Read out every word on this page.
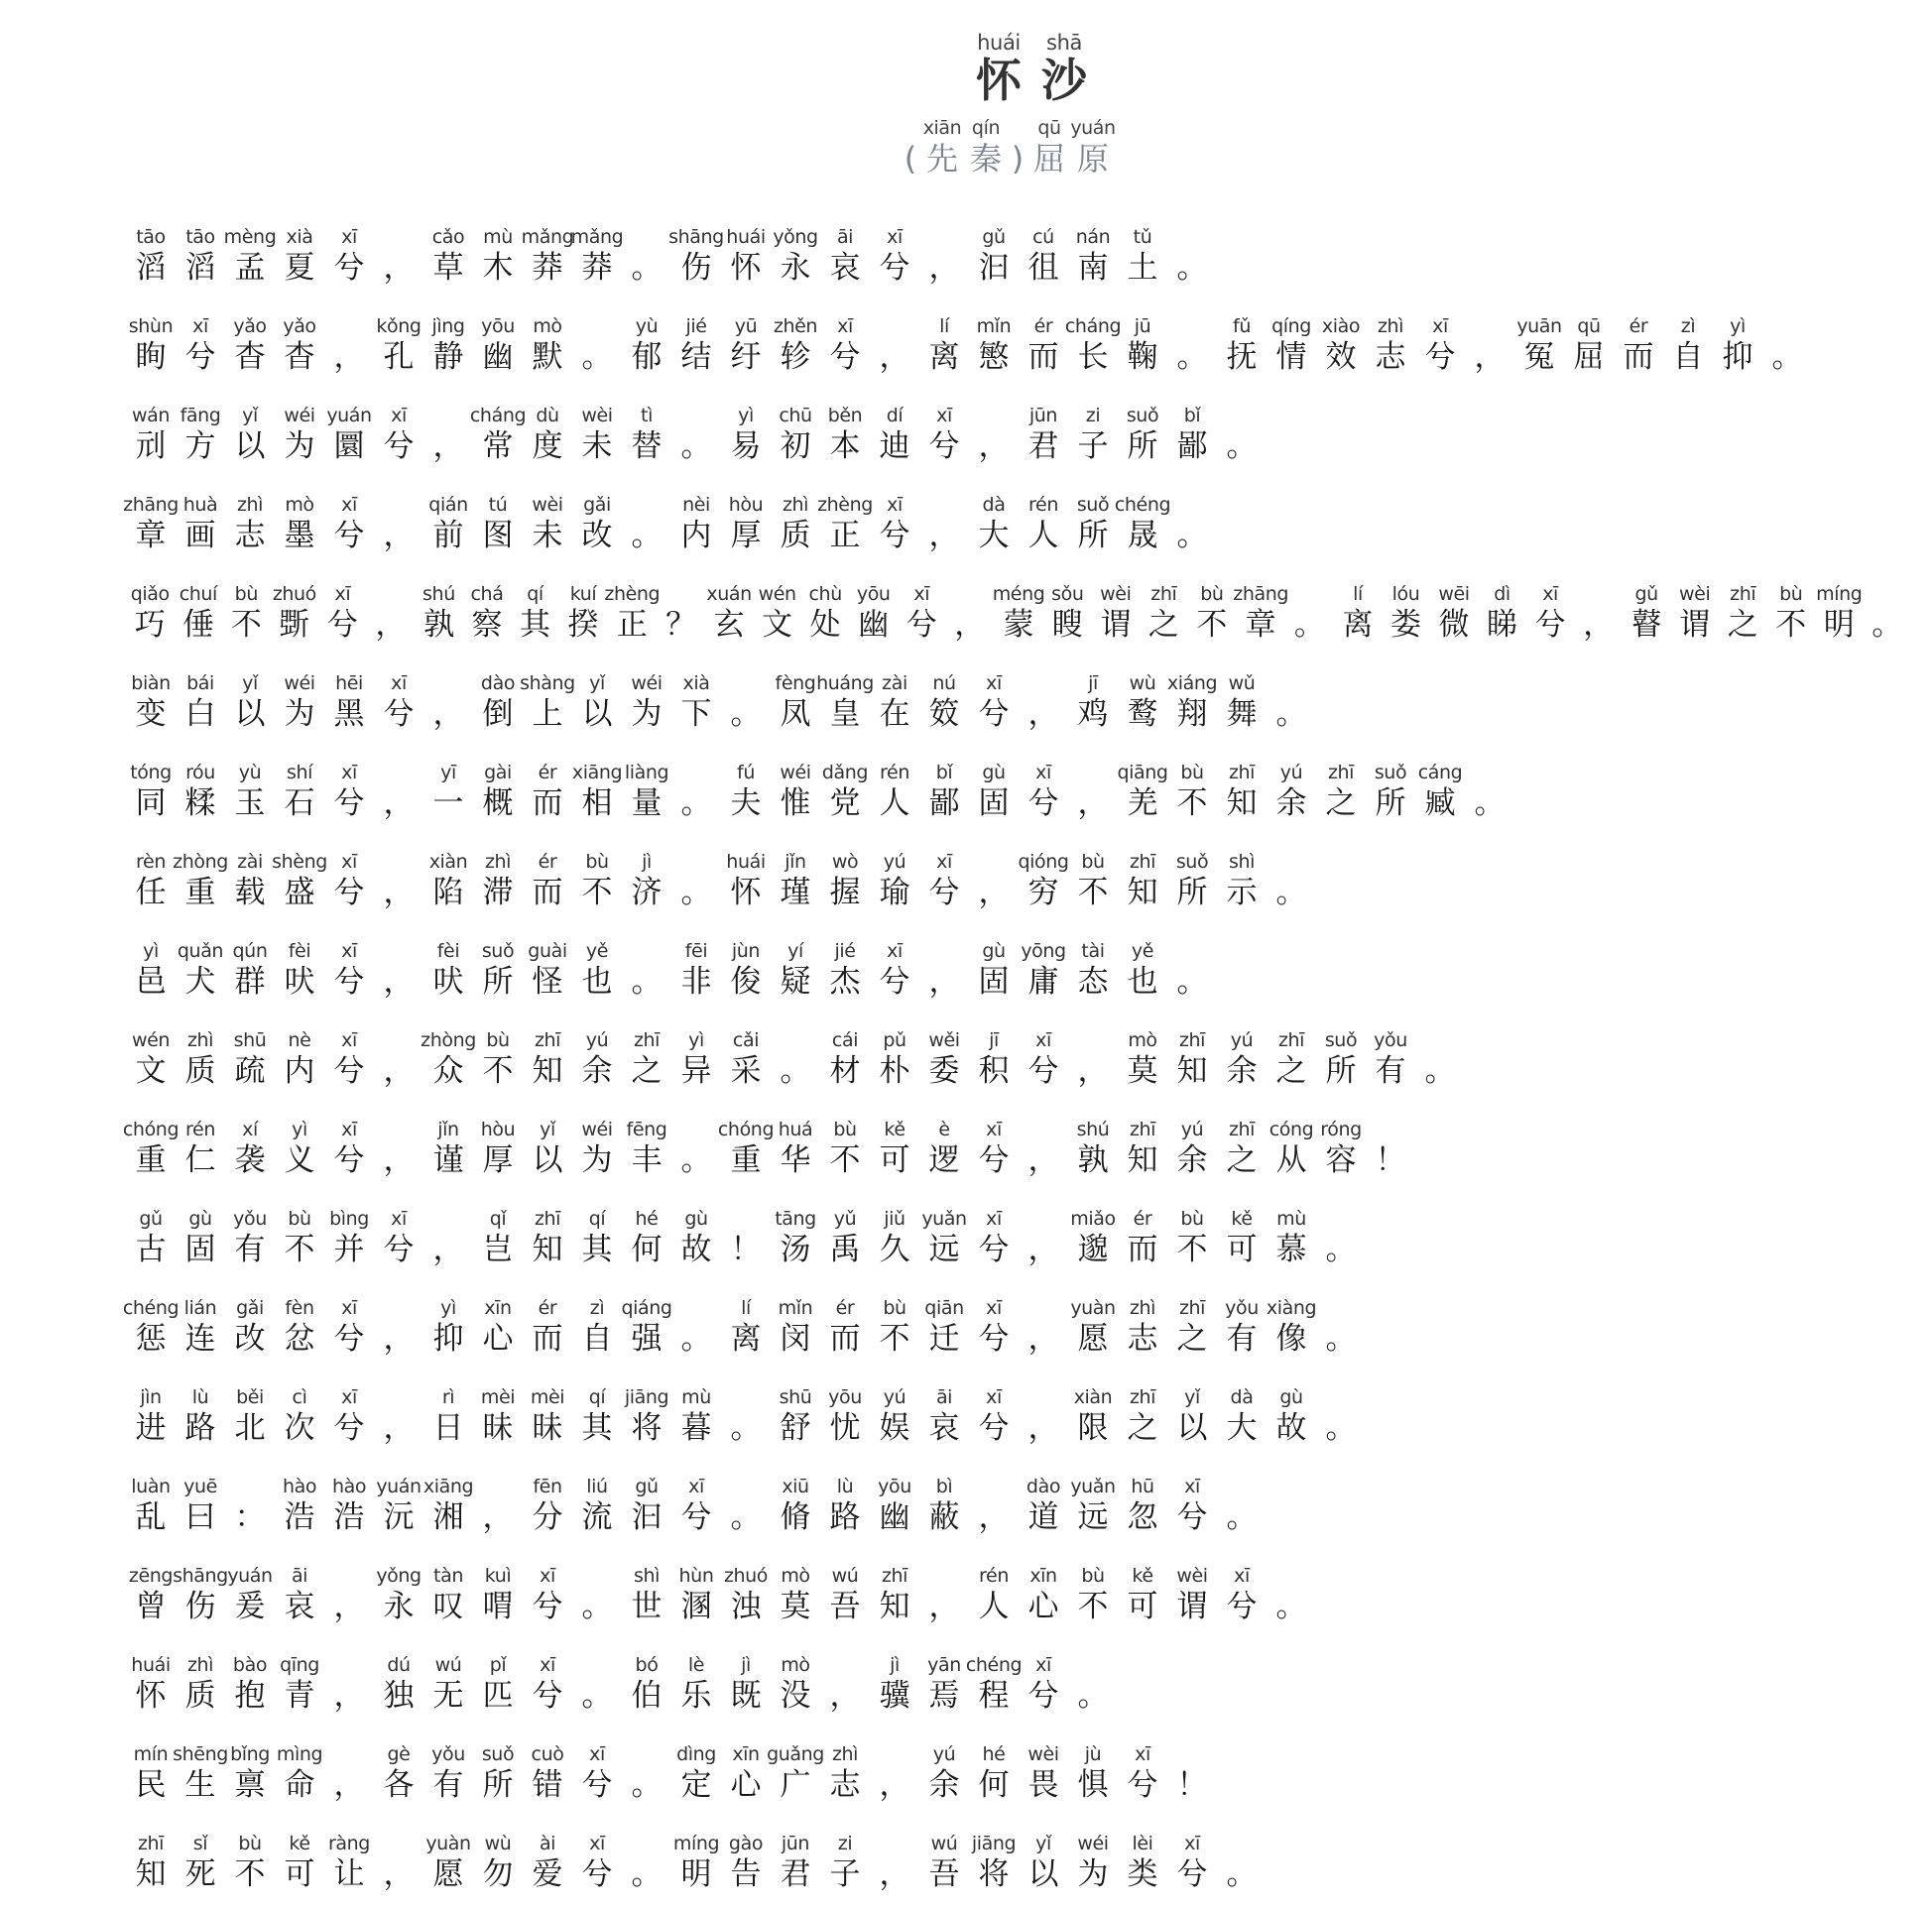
huái
怀
shā
沙

(
xiān
先
qín
秦 )
qū
屈
yuán
原
tāo
滔
tāo
滔
mèng
孟
xià
夏
xī
兮 ，
cǎo
草
mù
木
mǎng
莽
mǎng
莽 。
shāng
伤
huái
怀
yǒng
永
āi
哀
xī
兮 ，
gǔ
汩
cú
徂
nán
南
tǔ
土 。
shùn
眴
xī
兮
yǎo
杳
yǎo
杳 ，
kǒng
孔
jìng
静
yōu
幽
mò
默 。
yù
郁
jié
结
yū
纡
zhěn
轸
xī
兮 ，
lí
离
mǐn
慜
ér
而
cháng
长
jū
鞠 。
fǔ
抚
qíng
情
xiào
效
zhì
志
xī
兮 ，
yuān
冤
qū
屈
ér
而
zì
自
yì
抑 。
wán
刓
fāng
方
yǐ
以
wéi
为
yuán
圜
xī
兮 ，
cháng
常
dù
度
wèi
未
tì
替 。
yì
易
chū
初
běn
本
dí
迪
xī
兮 ，
jūn
君
zi
子
suǒ
所
bǐ
鄙 。
zhāng
章
huà
画
zhì
志
mò
墨
xī
兮 ，
qián
前
tú
图
wèi
未
gǎi
改 。
nèi
内
hòu
厚
zhì
质
zhèng
正
xī
兮 ，
dà
大
rén
人
suǒ
所
chéng
晟 。
qiǎo
巧
chuí
倕
bù
不
zhuó
斲
xī
兮 ，
shú
孰
chá
察
qí
其
kuí
揆
zhèng
正 ？
xuán
玄
wén
文
chù
处
yōu
幽
xī
兮 ，
méng
蒙
sǒu
瞍
wèi
谓
zhī
之
bù
不
zhāng
章 。
lí
离
lóu
娄
wēi
微
dì
睇
xī
兮 ，
gǔ
瞽
wèi
谓
zhī
之
bù
不
míng
明 。
biàn
变
bái
白
yǐ
以
wéi
为
hēi
黑
xī
兮 ，
dào
倒
shàng
上
yǐ
以
wéi
为
xià
下 。
fèng
凤
huáng
皇
zài
在
nú
笯
xī
兮 ，
jī
鸡
wù
鹜
xiáng
翔
wǔ
舞 。
tóng
同
róu
糅
yù
玉
shí
石
xī
兮 ，
yī
一
gài
概
ér
而
xiāng
相
liàng
量 。
fú
夫
wéi
惟
dǎng
党
rén
人
bǐ
鄙
gù
固
xī
兮 ，
qiāng
羌
bù
不
zhī
知
yú
余
zhī
之
suǒ
所
cáng
臧 。
rèn
任
zhòng
重
zài
载
shèng
盛
xī
兮 ，
xiàn
陷
zhì
滞
ér
而
bù
不
jì
济 。
huái
怀
jǐn
瑾
wò
握
yú
瑜
xī
兮 ，
qióng
穷
bù
不
zhī
知
suǒ
所
shì
示 。
yì
邑
quǎn
犬
qún
群
fèi
吠
xī
兮 ，
fèi
吠
suǒ
所
guài
怪
yě
也 。
fēi
非
jùn
俊
yí
疑
jié
杰
xī
兮 ，
gù
固
yōng
庸
tài
态
yě
也 。
wén
文
zhì
质
shū
疏
nè
内
xī
兮 ，
zhòng
众
bù
不
zhī
知
yú
余
zhī
之
yì
异
cǎi
采 。
cái
材
pǔ
朴
wěi
委
jī
积
xī
兮 ，
mò
莫
zhī
知
yú
余
zhī
之
suǒ
所
yǒu
有 。
chóng
重
rén
仁
xí
袭
yì
义
xī
兮 ，
jǐn
谨
hòu
厚
yǐ
以
wéi
为
fēng
丰 。
chóng
重
huá
华
bù
不
kě
可
è
逻
xī
兮 ，
shú
孰
zhī
知
yú
余
zhī
之
cóng
从
róng
容 ！
gǔ
古
gù
固
yǒu
有
bù
不
bìng
并
xī
兮 ，
qǐ
岂
zhī
知
qí
其
hé
何
gù
故 ！
tāng
汤
yǔ
禹
jiǔ
久
yuǎn
远
xī
兮 ，
miǎo
邈
ér
而
bù
不
kě
可
mù
慕 。
chéng
惩
lián
连
gǎi
改
fèn
忿
xī
兮 ，
yì
抑
xīn
心
ér
而
zì
自
qiáng
强 。
lí
离
mǐn
闵
ér
而
bù
不
qiān
迁
xī
兮 ，
yuàn
愿
zhì
志
zhī
之
yǒu
有
xiàng
像 。
jìn
进
lù
路
běi
北
cì
次
xī
兮 ，
rì
日
mèi
昧
mèi
昧
qí
其
jiāng
将
mù
暮 。
shū
舒
yōu
忧
yú
娱
āi
哀
xī
兮 ，
xiàn
限
zhī
之
yǐ
以
dà
大
gù
故 。
luàn
乱
yuē
曰 ：
hào
浩
hào
浩
yuán
沅
xiāng
湘 ，
fēn
分
liú
流
gǔ
汩
xī
兮 。
xiū
脩
lù
路
yōu
幽
bì
蔽 ，
dào
道
yuǎn
远
hū
忽
xī
兮 。
zēng
曾
shāng
伤
yuán
爰
āi
哀 ，
yǒng
永
tàn
叹
kuì
喟
xī
兮 。
shì
世
hùn
溷
zhuó
浊
mò
莫
wú
吾
zhī
知 ，
rén
人
xīn
心
bù
不
kě
可
wèi
谓
xī
兮 。
huái
怀
zhì
质
bào
抱
qīng
青 ，
dú
独
wú
无
pǐ
匹
xī
兮 。
bó
伯
lè
乐
jì
既
mò
没 ，
jì
骥
yān
焉
chéng
程
xī
兮 。
mín
民
shēng
生
bǐng
禀
mìng
命 ，
gè
各
yǒu
有
suǒ
所
cuò
错
xī
兮 。
dìng
定
xīn
心
guǎng
广
zhì
志 ，
yú
余
hé
何
wèi
畏
jù
惧
xī
兮 ！
zhī
知
sǐ
死
bù
不
kě
可
ràng
让 ，
yuàn
愿
wù
勿
ài
爱
xī
兮 。
míng
明
gào
告
jūn
君
zi
子 ，
wú
吾
jiāng
将
yǐ
以
wéi
为
lèi
类
xī
兮 。
